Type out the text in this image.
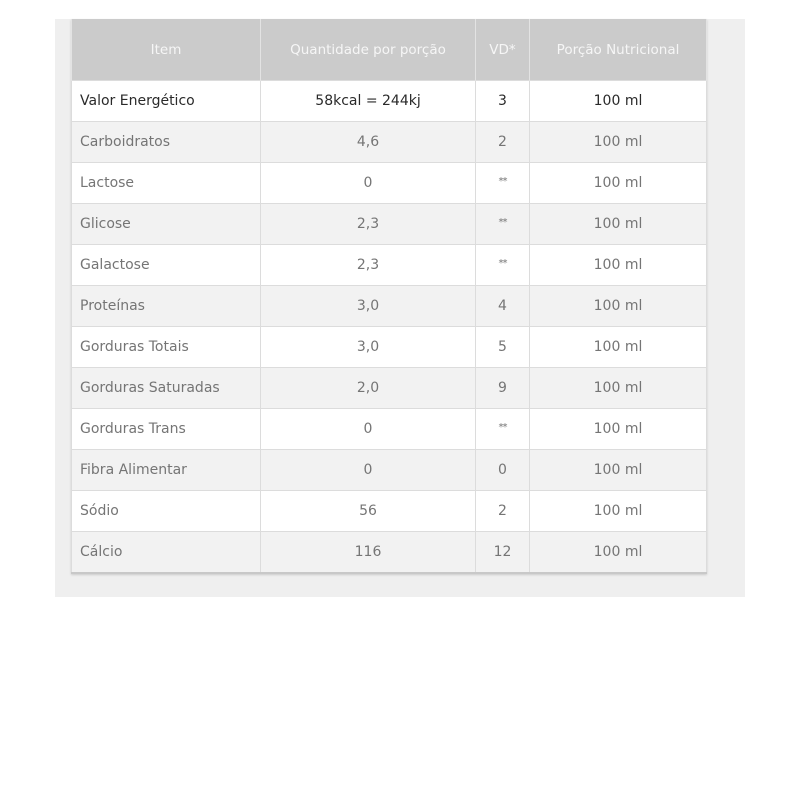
Item	Quantidade por porção	VD*	Porção Nutricional
Valor Energético	58kcal = 244kj	3	100 ml
Carboidratos	4,6	2	100 ml
Lactose	0	**	100 ml
Glicose	2,3	**	100 ml
Galactose	2,3	**	100 ml
Proteínas	3,0	4	100 ml
Gorduras Totais	3,0	5	100 ml
Gorduras Saturadas	2,0	9	100 ml
Gorduras Trans	0	**	100 ml
Fibra Alimentar	0	0	100 ml
Sódio	56	2	100 ml
Cálcio	116	12	100 ml
